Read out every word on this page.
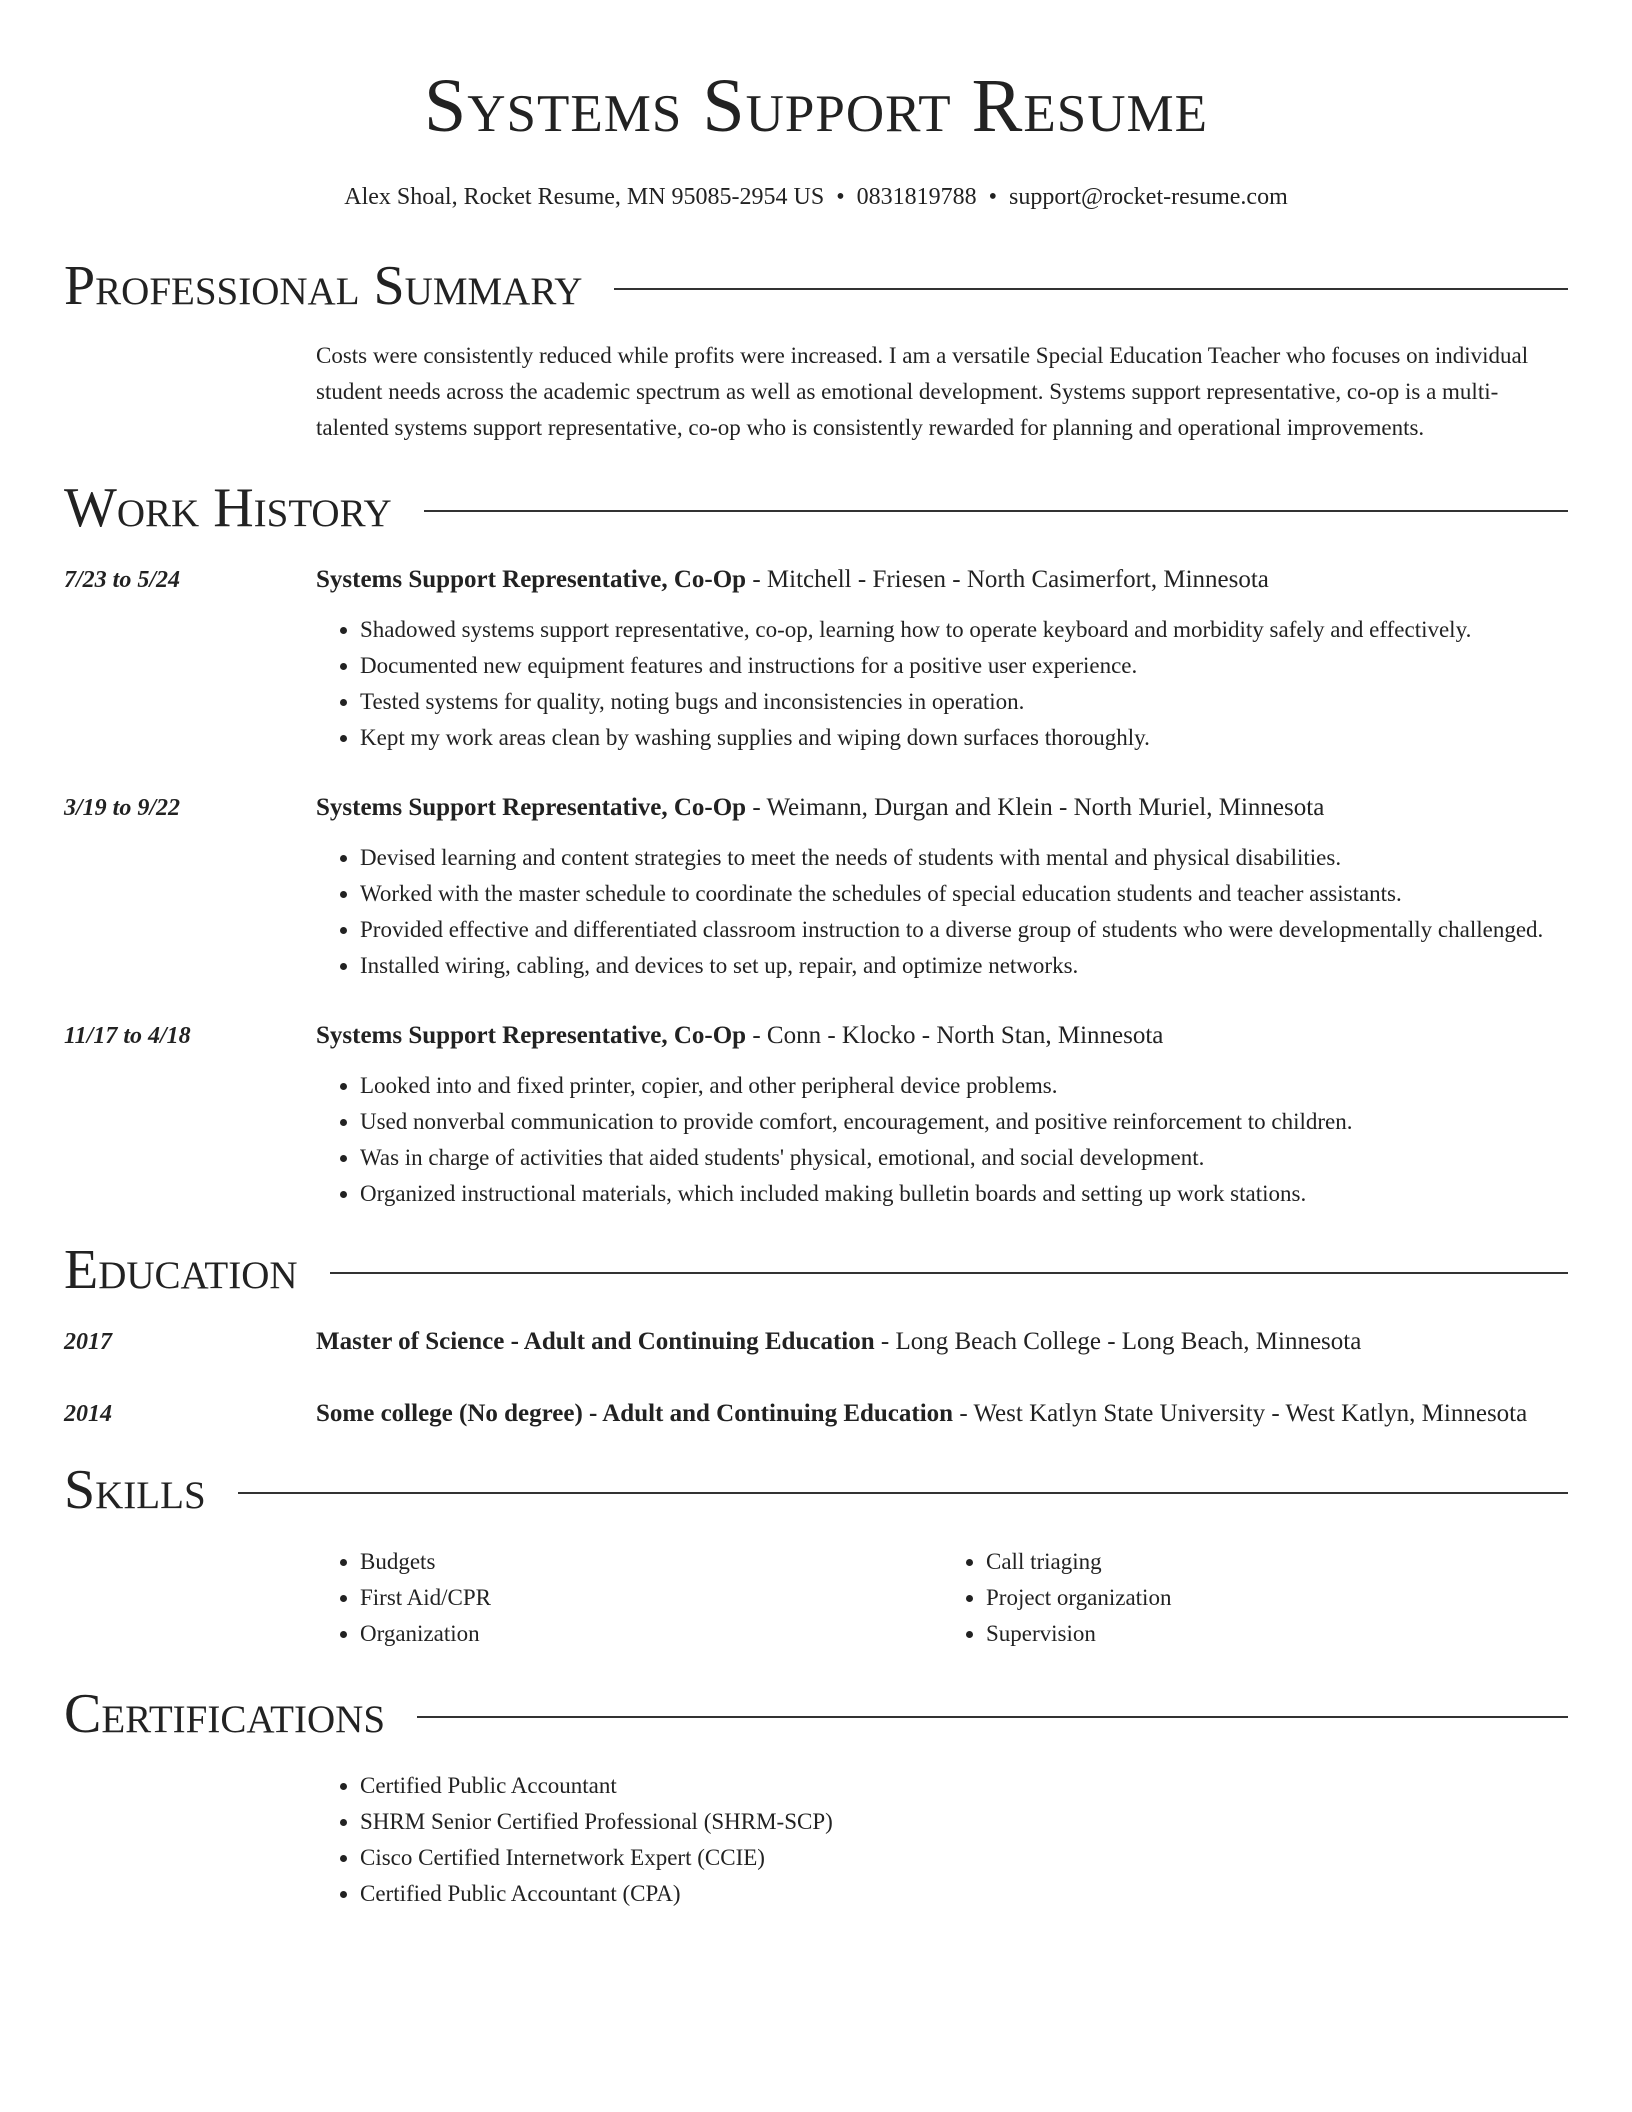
Systems Support Resume
Alex Shoal, Rocket Resume, MN 95085-2954 US • 0831819788 • support@rocket-resume.com
Professional Summary
Costs were consistently reduced while profits were increased. I am a versatile Special Education Teacher who focuses on individual student needs across the academic spectrum as well as emotional development. Systems support representative, co-op is a multi-talented systems support representative, co-op who is consistently rewarded for planning and operational improvements.
Work History
7/23 to 5/24	Systems Support Representative, Co-Op - Mitchell - Friesen - North Casimerfort, Minnesota
• Shadowed systems support representative, co-op, learning how to operate keyboard and morbidity safely and effectively.
• Documented new equipment features and instructions for a positive user experience.
• Tested systems for quality, noting bugs and inconsistencies in operation.
• Kept my work areas clean by washing supplies and wiping down surfaces thoroughly.
3/19 to 9/22	Systems Support Representative, Co-Op - Weimann, Durgan and Klein - North Muriel, Minnesota
• Devised learning and content strategies to meet the needs of students with mental and physical disabilities.
• Worked with the master schedule to coordinate the schedules of special education students and teacher assistants.
• Provided effective and differentiated classroom instruction to a diverse group of students who were developmentally challenged.
• Installed wiring, cabling, and devices to set up, repair, and optimize networks.
11/17 to 4/18	Systems Support Representative, Co-Op - Conn - Klocko - North Stan, Minnesota
• Looked into and fixed printer, copier, and other peripheral device problems.
• Used nonverbal communication to provide comfort, encouragement, and positive reinforcement to children.
• Was in charge of activities that aided students' physical, emotional, and social development.
• Organized instructional materials, which included making bulletin boards and setting up work stations.
Education
2017	Master of Science - Adult and Continuing Education - Long Beach College - Long Beach, Minnesota
2014	Some college (No degree) - Adult and Continuing Education - West Katlyn State University - West Katlyn, Minnesota
Skills
• Budgets
• First Aid/CPR
• Organization
• Call triaging
• Project organization
• Supervision
Certifications
• Certified Public Accountant
• SHRM Senior Certified Professional (SHRM-SCP)
• Cisco Certified Internetwork Expert (CCIE)
• Certified Public Accountant (CPA)
